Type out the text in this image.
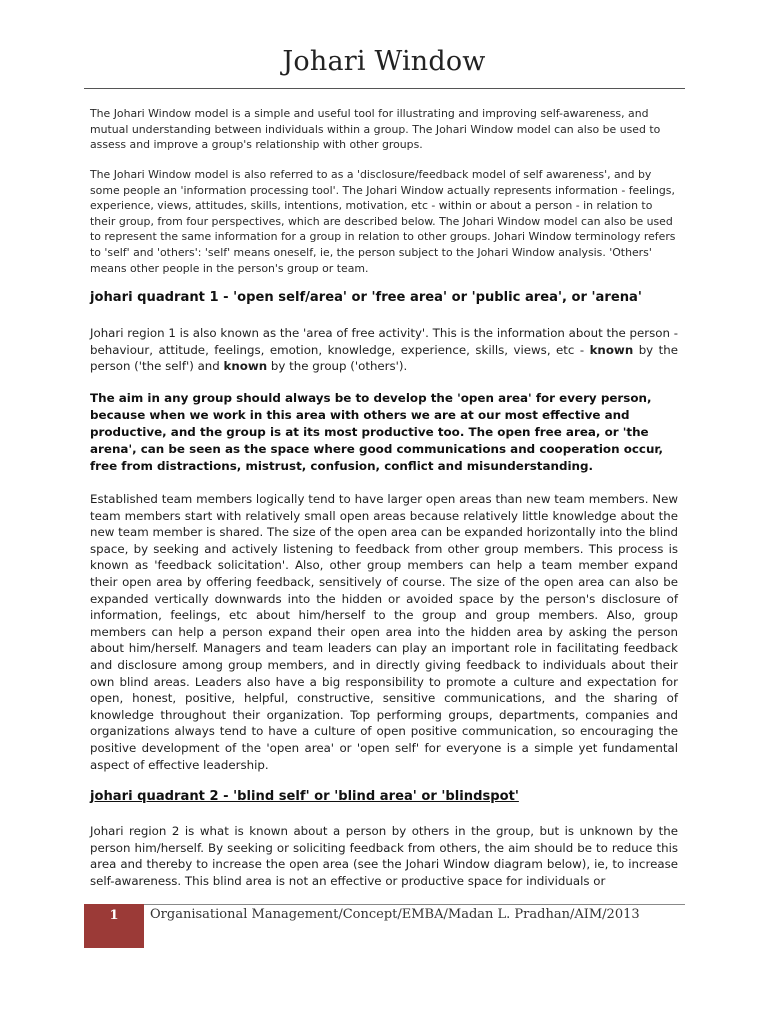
Johari Window

The Johari Window model is a simple and useful tool for illustrating and improving self-awareness, and mutual understanding between individuals within a group. The Johari Window model can also be used to assess and improve a group's relationship with other groups.

The Johari Window model is also referred to as a 'disclosure/feedback model of self awareness', and by some people an 'information processing tool'. The Johari Window actually represents information - feelings, experience, views, attitudes, skills, intentions, motivation, etc - within or about a person - in relation to their group, from four perspectives, which are described below. The Johari Window model can also be used to represent the same information for a group in relation to other groups. Johari Window terminology refers to 'self' and 'others': 'self' means oneself, ie, the person subject to the Johari Window analysis. 'Others' means other people in the person's group or team.

johari quadrant 1 - 'open self/area' or 'free area' or 'public area', or 'arena'

Johari region 1 is also known as the 'area of free activity'. This is the information about the person - behaviour, attitude, feelings, emotion, knowledge, experience, skills, views, etc - known by the person ('the self') and known by the group ('others').

The aim in any group should always be to develop the 'open area' for every person, because when we work in this area with others we are at our most effective and productive, and the group is at its most productive too. The open free area, or 'the arena', can be seen as the space where good communications and cooperation occur, free from distractions, mistrust, confusion, conflict and misunderstanding.

Established team members logically tend to have larger open areas than new team members. New team members start with relatively small open areas because relatively little knowledge about the new team member is shared. The size of the open area can be expanded horizontally into the blind space, by seeking and actively listening to feedback from other group members. This process is known as 'feedback solicitation'. Also, other group members can help a team member expand their open area by offering feedback, sensitively of course. The size of the open area can also be expanded vertically downwards into the hidden or avoided space by the person's disclosure of information, feelings, etc about him/herself to the group and group members. Also, group members can help a person expand their open area into the hidden area by asking the person about him/herself. Managers and team leaders can play an important role in facilitating feedback and disclosure among group members, and in directly giving feedback to individuals about their own blind areas. Leaders also have a big responsibility to promote a culture and expectation for open, honest, positive, helpful, constructive, sensitive communications, and the sharing of knowledge throughout their organization. Top performing groups, departments, companies and organizations always tend to have a culture of open positive communication, so encouraging the positive development of the 'open area' or 'open self' for everyone is a simple yet fundamental aspect of effective leadership.

johari quadrant 2 - 'blind self' or 'blind area' or 'blindspot'

Johari region 2 is what is known about a person by others in the group, but is unknown by the person him/herself. By seeking or soliciting feedback from others, the aim should be to reduce this area and thereby to increase the open area (see the Johari Window diagram below), ie, to increase self-awareness. This blind area is not an effective or productive space for individuals or

1	Organisational Management/Concept/EMBA/Madan L. Pradhan/AIM/2013
